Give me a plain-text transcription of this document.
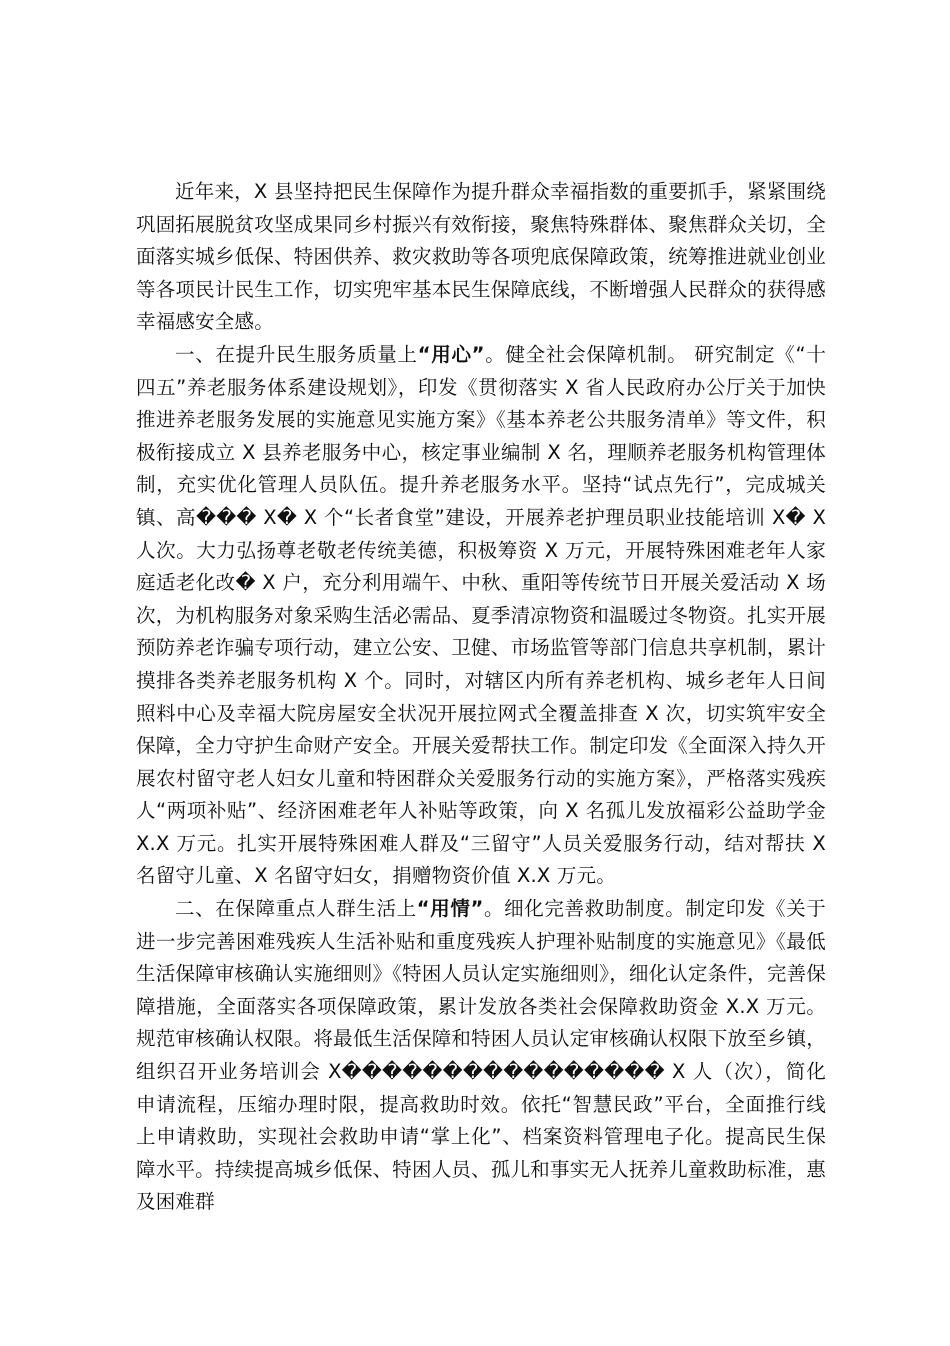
近年来，X 县坚持把民生保障作为提升群众幸福指数的重要抓手，紧紧围绕巩固拓展脱贫攻坚成果同乡村振兴有效衔接，聚焦特殊群体、聚焦群众关切，全面落实城乡低保、特困供养、救灾救助等各项兜底保障政策，统筹推进就业创业等各项民计民生工作，切实兜牢基本民生保障底线，不断增强人民群众的获得感幸福感安全感。

一、在提升民生服务质量上“用心”。健全社会保障机制。 研究制定《“十四五”养老服务体系建设规划》，印发《贯彻落实 X 省人民政府办公厅关于加快推进养老服务发展的实施意见实施方案》《基本养老公共服务清单》等文件，积极衔接成立 X 县养老服务中心，核定事业编制 X 名，理顺养老服务机构管理体制，充实优化管理人员队伍。提升养老服务水平。坚持“试点先行”，完成城关镇、高��� X� X 个“长者食堂”建设，开展养老护理员职业技能培训 X� X 人次。大力弘扬尊老敬老传统美德，积极筹资 X 万元，开展特殊困难老年人家庭适老化改� X 户，充分利用端午、中秋、重阳等传统节日开展关爱活动 X 场次，为机构服务对象采购生活必需品、夏季清凉物资和温暖过冬物资。扎实开展预防养老诈骗专项行动，建立公安、卫健、市场监管等部门信息共享机制，累计摸排各类养老服务机构 X 个。同时，对辖区内所有养老机构、城乡老年人日间照料中心及幸福大院房屋安全状况开展拉网式全覆盖排查 X 次，切实筑牢安全保障，全力守护生命财产安全。开展关爱帮扶工作。制定印发《全面深入持久开展农村留守老人妇女儿童和特困群众关爱服务行动的实施方案》，严格落实残疾人“两项补贴”、经济困难老年人补贴等政策，向 X 名孤儿发放福彩公益助学金 X.X 万元。扎实开展特殊困难人群及“三留守”人员关爱服务行动，结对帮扶 X 名留守儿童、X 名留守妇女，捐赠物资价值 X.X 万元。

二、在保障重点人群生活上“用情”。细化完善救助制度。制定印发《关于进一步完善困难残疾人生活补贴和重度残疾人护理补贴制度的实施意见》《最低生活保障审核确认实施细则》《特困人员认定实施细则》，细化认定条件，完善保障措施，全面落实各项保障政策，累计发放各类社会保障救助资金 X.X 万元。规范审核确认权限。将最低生活保障和特困人员认定审核确认权限下放至乡镇，组织召开业务培训会 X���������������� X 人（次），简化申请流程，压缩办理时限，提高救助时效。依托“智慧民政”平台，全面推行线上申请救助，实现社会救助申请“掌上化”、档案资料管理电子化。提高民生保障水平。持续提高城乡低保、特困人员、孤儿和事实无人抚养儿童救助标准，惠及困难群
